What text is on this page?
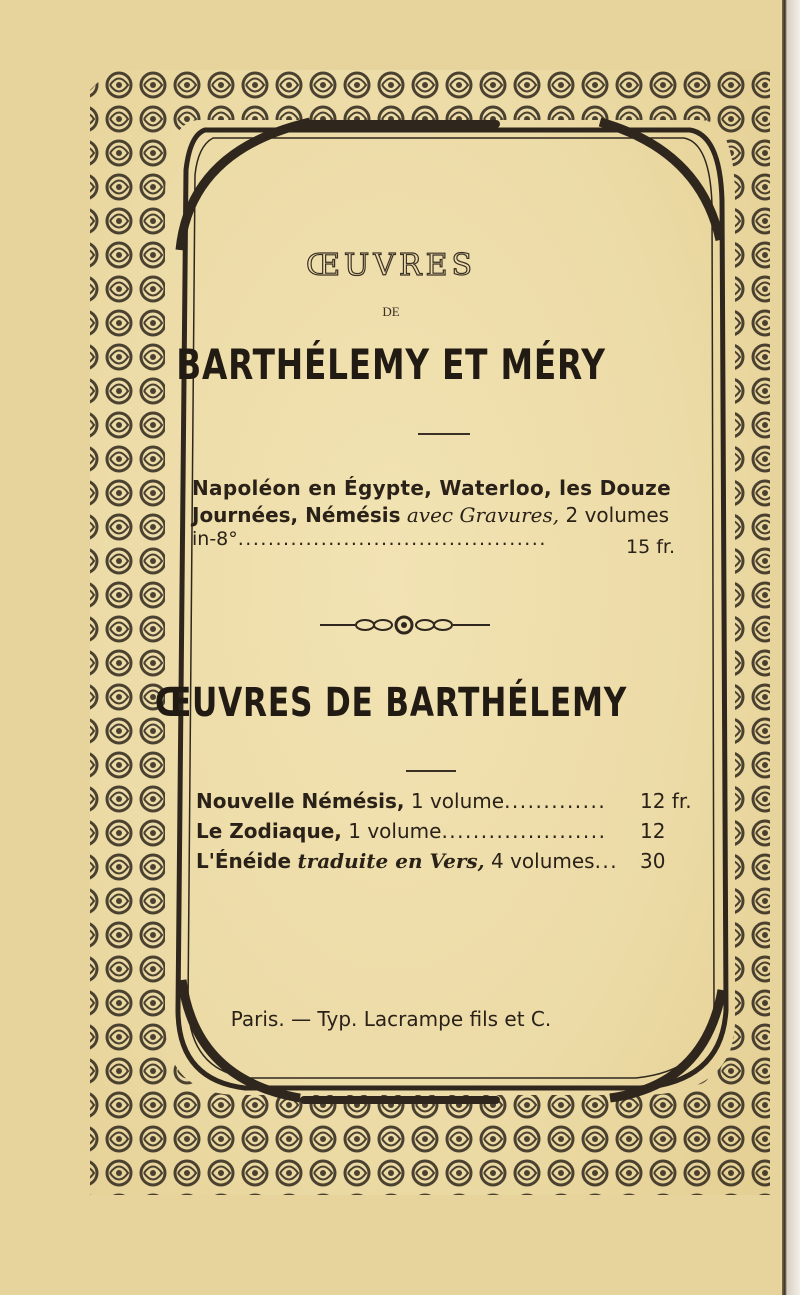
ŒUVRES
DE
BARTHÉLEMY ET MÉRY
Napoléon en Égypte, Waterloo, les Douze
Journées, Némésis avec Gravures, 2 volumes
in-8°.........................................	15 fr.
ŒUVRES DE BARTHÉLEMY
Nouvelle Némésis, 1 volume............. 12 fr.
Le Zodiaque, 1 volume..................... 12
L'Énéide traduite en Vers, 4 volumes... 30
Paris. — Typ. Lacrampe fils et C.
